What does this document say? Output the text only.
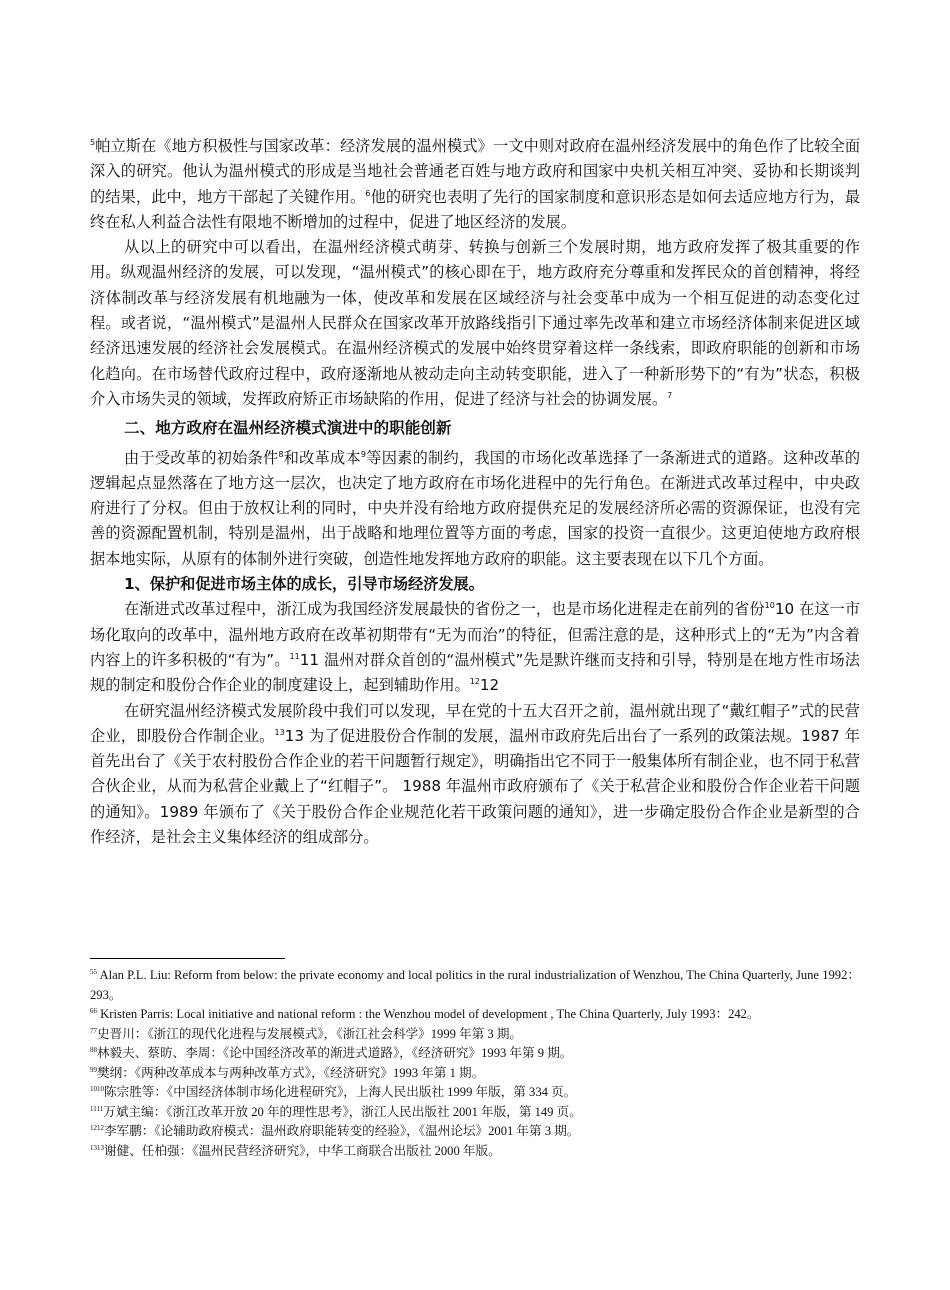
$^5$帕立斯在《地方积极性与国家改革：经济发展的温州模式》一文中则对政府在温州经济发展中的角色作了比较全面深入的研究。他认为温州模式的形成是当地社会普通老百姓与地方政府和国家中央机关相互冲突、妥协和长期谈判的结果，此中，地方干部起了关键作用。$^6$他的研究也表明了先行的国家制度和意识形态是如何去适应地方行为，最终在私人利益合法性有限地不断增加的过程中，促进了地区经济的发展。

从以上的研究中可以看出，在温州经济模式萌芽、转换与创新三个发展时期，地方政府发挥了极其重要的作用。纵观温州经济的发展，可以发现，“温州模式”的核心即在于，地方政府充分尊重和发挥民众的首创精神，将经济体制改革与经济发展有机地融为一体，使改革和发展在区域经济与社会变革中成为一个相互促进的动态变化过程。或者说，“温州模式”是温州人民群众在国家改革开放路线指引下通过率先改革和建立市场经济体制来促进区域经济迅速发展的经济社会发展模式。在温州经济模式的发展中始终贯穿着这样一条线索，即政府职能的创新和市场化趋向。在市场替代政府过程中，政府逐渐地从被动走向主动转变职能，进入了一种新形势下的“有为”状态，积极介入市场失灵的领域，发挥政府矫正市场缺陷的作用，促进了经济与社会的协调发展。$^7$

二、地方政府在温州经济模式演进中的职能创新

由于受改革的初始条件$^8$和改革成本$^9$等因素的制约，我国的市场化改革选择了一条渐进式的道路。这种改革的逻辑起点显然落在了地方这一层次，也决定了地方政府在市场化进程中的先行角色。在渐进式改革过程中，中央政府进行了分权。但由于放权让利的同时，中央并没有给地方政府提供充足的发展经济所必需的资源保证，也没有完善的资源配置机制，特别是温州，出于战略和地理位置等方面的考虑，国家的投资一直很少。这更迫使地方政府根据本地实际，从原有的体制外进行突破，创造性地发挥地方政府的职能。这主要表现在以下几个方面。

1、保护和促进市场主体的成长，引导市场经济发展。

在渐进式改革过程中，浙江成为我国经济发展最快的省份之一，也是市场化进程走在前列的省份$^{10}$10 在这一市场化取向的改革中，温州地方政府在改革初期带有“无为而治”的特征，但需注意的是，这种形式上的“无为”内含着内容上的许多积极的“有为”。$^{11}$11 温州对群众首创的“温州模式”先是默许继而支持和引导，特别是在地方性市场法规的制定和股份合作企业的制度建设上，起到辅助作用。$^{12}$12

在研究温州经济模式发展阶段中我们可以发现，早在党的十五大召开之前，温州就出现了“戴红帽子”式的民营企业，即股份合作制企业。$^{13}$13 为了促进股份合作制的发展，温州市政府先后出台了一系列的政策法规。1987 年首先出台了《关于农村股份合作企业的若干问题暂行规定》，明确指出它不同于一般集体所有制企业，也不同于私营合伙企业，从而为私营企业戴上了“红帽子”。 1988 年温州市政府颁布了《关于私营企业和股份合作企业若干问题的通知》。1989 年颁布了《关于股份合作企业规范化若干政策问题的通知》，进一步确定股份合作企业是新型的合作经济，是社会主义集体经济的组成部分。

$^{55}$ Alan P.L. Liu: Reform from below: the private economy and local politics in the rural industrialization of Wenzhou, The China Quarterly, June 1992：293。

$^{66}$ Kristen Parris: Local initiative and national reform : the Wenzhou model of development , The China Quarterly, July 1993：242。

$^{77}$史晋川：《浙江的现代化进程与发展模式》，《浙江社会科学》1999 年第 3 期。

$^{88}$林毅夫、蔡昉、李周：《论中国经济改革的渐进式道路》，《经济研究》1993 年第 9 期。

$^{99}$樊纲：《两种改革成本与两种改革方式》，《经济研究》1993 年第 1 期。

$^{1010}$陈宗胜等：《中国经济体制市场化进程研究》，上海人民出版社 1999 年版，第 334 页。

$^{1111}$万斌主编：《浙江改革开放 20 年的理性思考》，浙江人民出版社 2001 年版，第 149 页。

$^{1212}$李军鹏：《论辅助政府模式：温州政府职能转变的经验》，《温州论坛》2001 年第 3 期。

$^{1313}$谢健、任柏强：《温州民营经济研究》，中华工商联合出版社 2000 年版。
